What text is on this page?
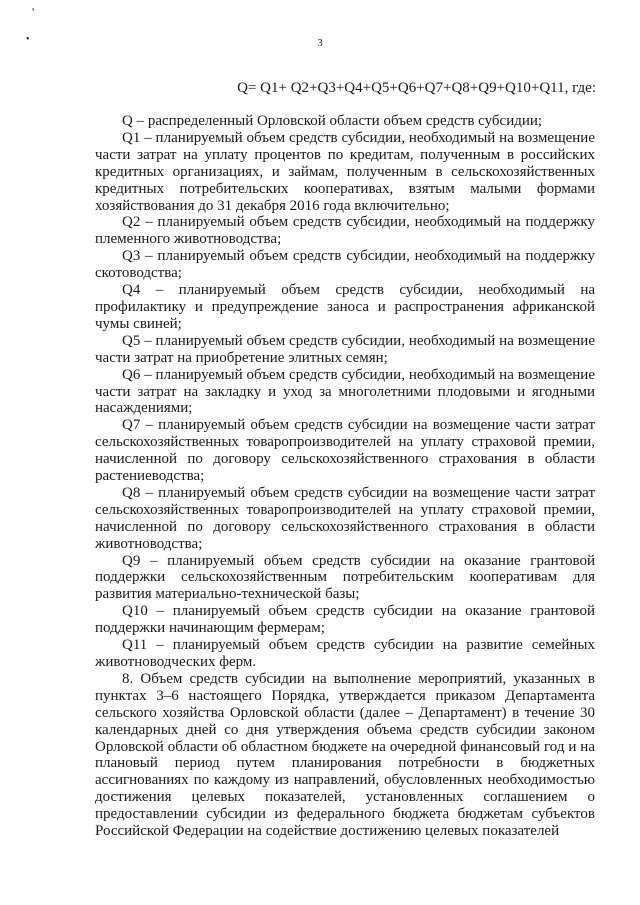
'
•	3
Q= Q1+ Q2+Q3+Q4+Q5+Q6+Q7+Q8+Q9+Q10+Q11, где:

Q – распределенный Орловской области объем средств субсидии;

Q1 – планируемый объем средств субсидии, необходимый на возмещение части затрат на уплату процентов по кредитам, полученным в российских кредитных организациях, и займам, полученным в сельскохозяйственных кредитных потребительских кооперативах, взятым малыми формами хозяйствования до 31 декабря 2016 года включительно;

Q2 – планируемый объем средств субсидии, необходимый на поддержку племенного животноводства;

Q3 – планируемый объем средств субсидии, необходимый на поддержку скотоводства;

Q4 – планируемый объем средств субсидии, необходимый на профилактику и предупреждение заноса и распространения африканской чумы свиней;

Q5 – планируемый объем средств субсидии, необходимый на возмещение части затрат на приобретение элитных семян;

Q6 – планируемый объем средств субсидии, необходимый на возмещение части затрат на закладку и уход за многолетними плодовыми и ягодными насаждениями;

Q7 – планируемый объем средств субсидии на возмещение части затрат сельскохозяйственных товаропроизводителей на уплату страховой премии, начисленной по договору сельскохозяйственного страхования в области растениеводства;

Q8 – планируемый объем средств субсидии на возмещение части затрат сельскохозяйственных товаропроизводителей на уплату страховой премии, начисленной по договору сельскохозяйственного страхования в области животноводства;

Q9 – планируемый объем средств субсидии на оказание грантовой поддержки сельскохозяйственным потребительским кооперативам для развития материально-технической базы;

Q10 – планируемый объем средств субсидии на оказание грантовой поддержки начинающим фермерам;

Q11 – планируемый объем средств субсидии на развитие семейных животноводческих ферм.

8. Объем средств субсидии на выполнение мероприятий, указанных в пунктах 3–6 настоящего Порядка, утверждается приказом Департамента сельского хозяйства Орловской области (далее – Департамент) в течение 30 календарных дней со дня утверждения объема средств субсидии законом Орловской области об областном бюджете на очередной финансовый год и на плановый период путем планирования потребности в бюджетных ассигнованиях по каждому из направлений, обусловленных необходимостью достижения целевых показателей, установленных соглашением о предоставлении субсидии из федерального бюджета бюджетам субъектов Российской Федерации на содействие достижению целевых показателей
